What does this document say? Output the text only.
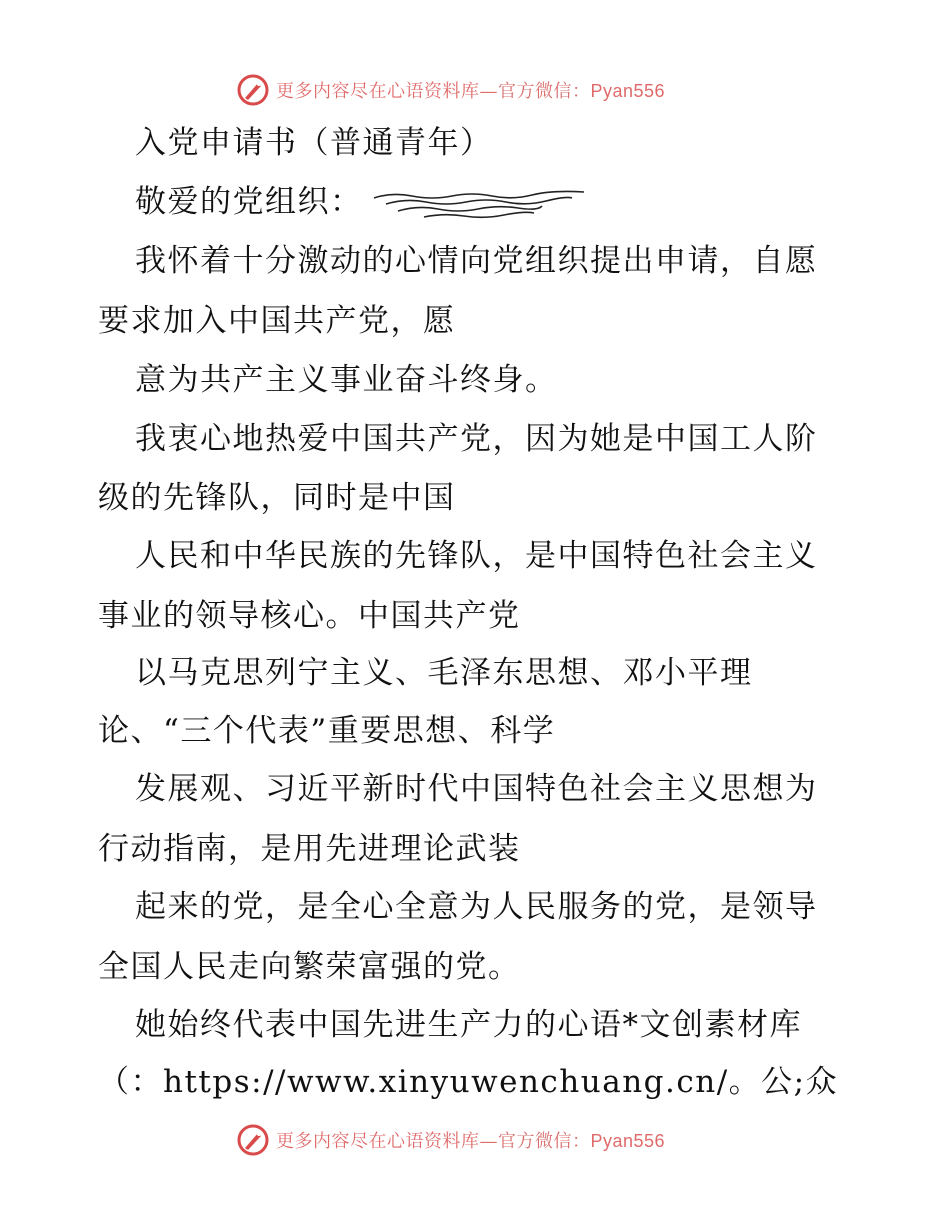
更多内容尽在心语资料库—官方微信：Pyan556
入党申请书（普通青年）
敬爱的党组织：
我怀着十分激动的心情向党组织提出申请，自愿
要求加入中国共产党，愿
意为共产主义事业奋斗终身。
我衷心地热爱中国共产党，因为她是中国工人阶
级的先锋队，同时是中国
人民和中华民族的先锋队，是中国特色社会主义
事业的领导核心。中国共产党
以马克思列宁主义、毛泽东思想、邓小平理
论、“三个代表”重要思想、科学
发展观、习近平新时代中国特色社会主义思想为
行动指南，是用先进理论武装
起来的党，是全心全意为人民服务的党，是领导
全国人民走向繁荣富强的党。
她始终代表中国先进生产力的心语*文创素材库
（：https://www.xinyuwenchuang.cn/。公;众
更多内容尽在心语资料库—官方微信：Pyan556
